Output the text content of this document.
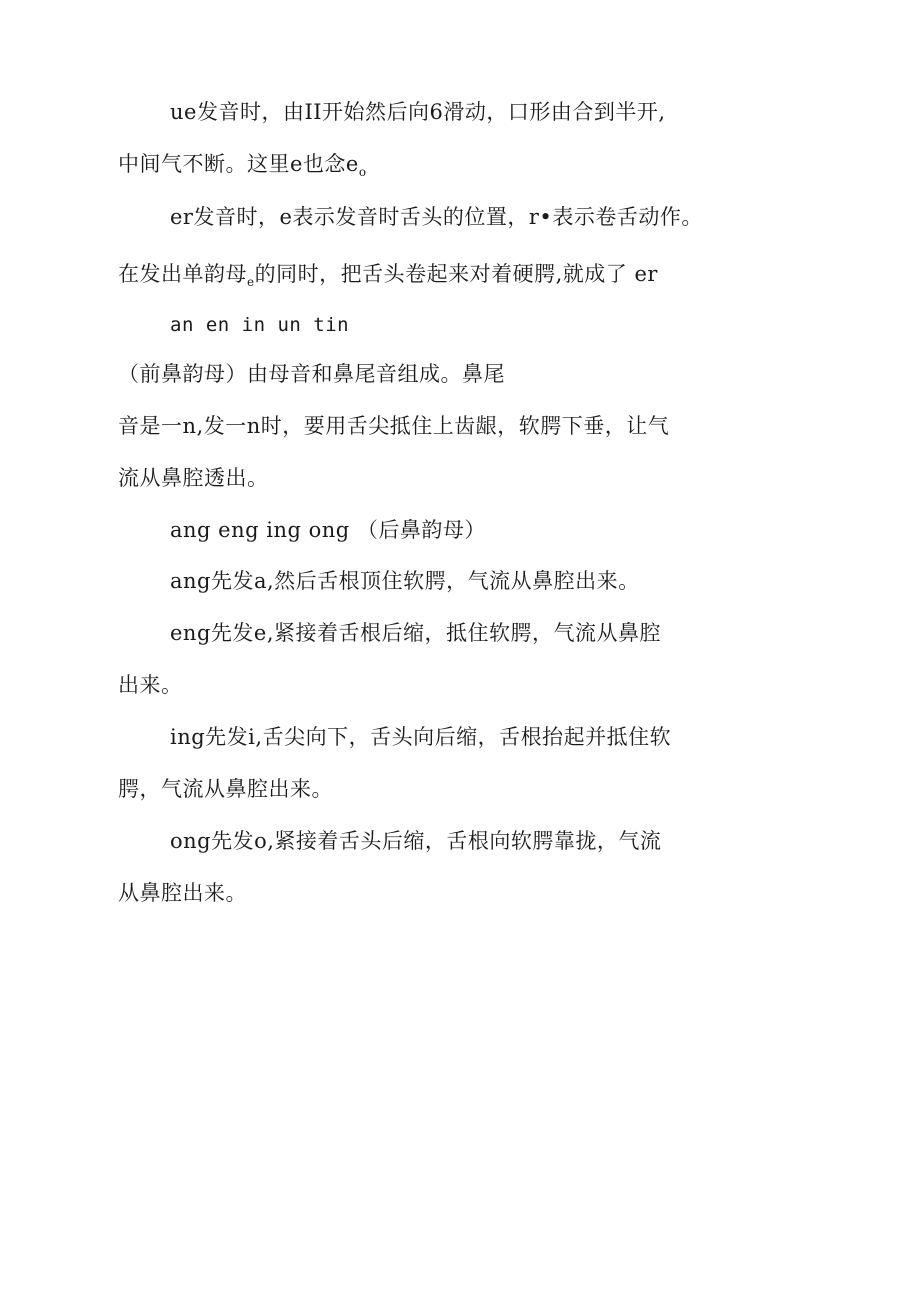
ue发音时，由II开始然后向6滑动，口形由合到半开,
中间气不断。这里e也念$e_o$
er发音时，e表示发音时舌头的位置，r•表示卷舌动作。
在发出单韵母$_e$的同时，把舌头卷起来对着硬腭,就成了 er
an en in un tin
（前鼻韵母）由母音和鼻尾音组成。鼻尾
音是一n,发一n时，要用舌尖抵住上齿龈，软腭下垂，让气
流从鼻腔透出。
ang eng ing ong （后鼻韵母）
ang先发a,然后舌根顶住软腭，气流从鼻腔出来。
eng先发e,紧接着舌根后缩，抵住软腭，气流从鼻腔
出来。
ing先发i,舌尖向下，舌头向后缩，舌根抬起并抵住软
腭，气流从鼻腔出来。
ong先发o,紧接着舌头后缩，舌根向软腭靠拢，气流
从鼻腔出来。
